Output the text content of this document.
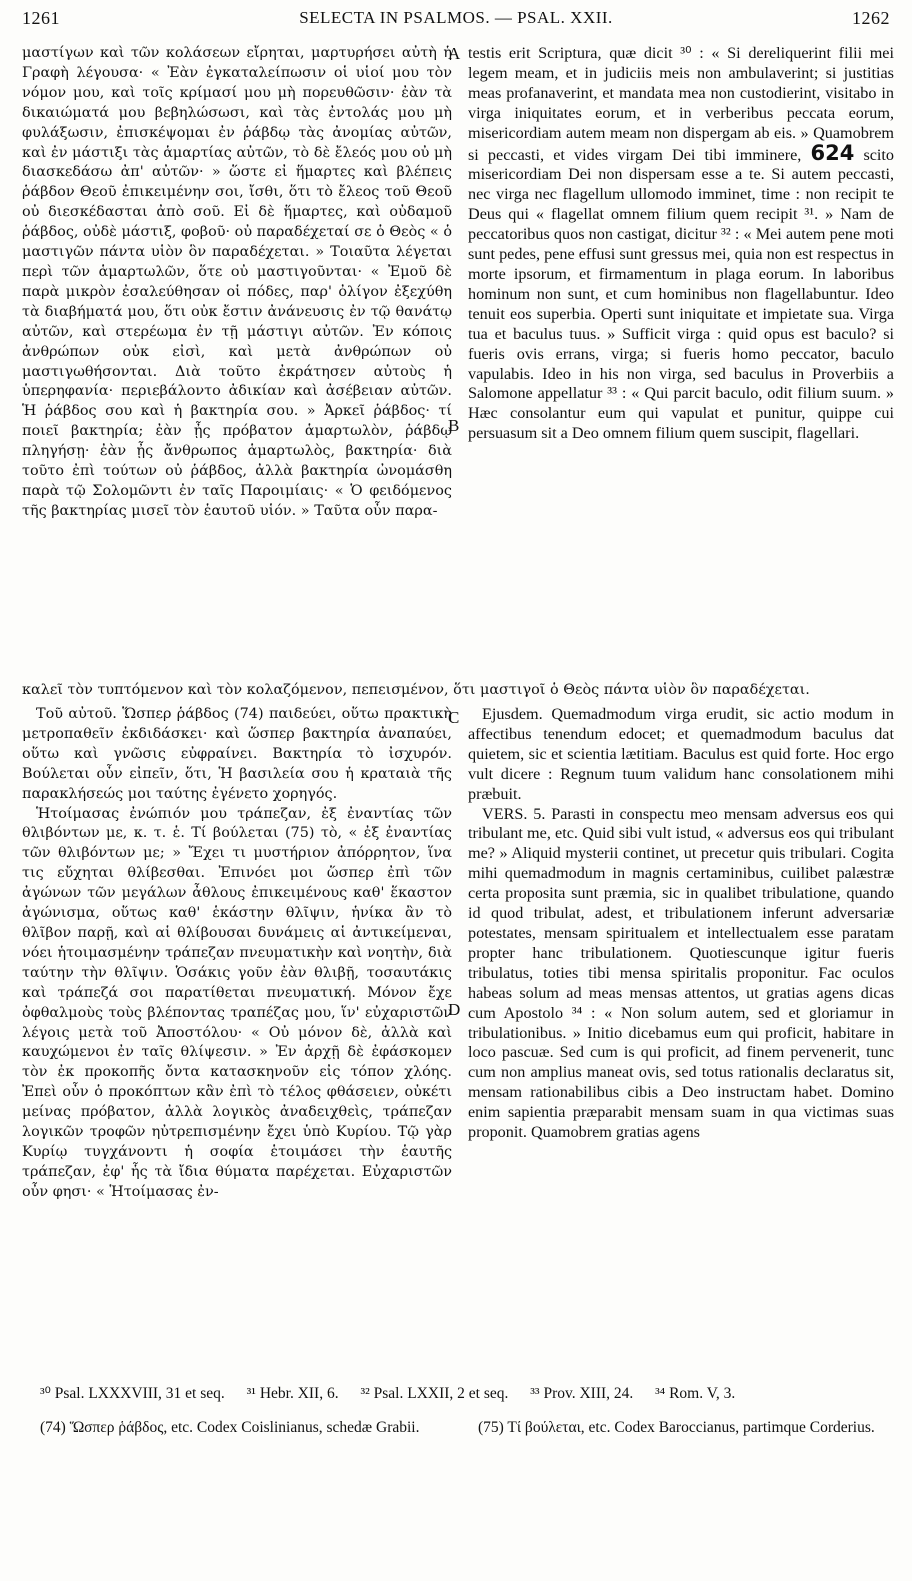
1261	SELECTA IN PSALMOS. — PSAL. XXII.	1262

μαστίγων καὶ τῶν κολάσεων εἴρηται, μαρτυρήσει αὐτὴ ἡ Γραφὴ λέγουσα· « Ἐὰν ἐγκαταλείπωσιν οἱ υἱοί μου τὸν νόμον μου, καὶ τοῖς κρίμασί μου μὴ πορευθῶσιν· ἐὰν τὰ δικαιώματά μου βεβηλώσωσι, καὶ τὰς ἐντολάς μου μὴ φυλάξωσιν, ἐπισκέψομαι ἐν ῥάβδῳ τὰς ἀνομίας αὐτῶν, καὶ ἐν μάστιξι τὰς ἁμαρτίας αὐτῶν, τὸ δὲ ἔλεός μου οὐ μὴ διασκεδάσω ἀπ' αὐτῶν· » ὥστε εἰ ἥμαρτες καὶ βλέπεις ῥάβδον Θεοῦ ἐπικειμένην σοι, ἴσθι, ὅτι τὸ ἔλεος τοῦ Θεοῦ οὐ διεσκέδασται ἀπὸ σοῦ. Εἰ δὲ ἥμαρτες, καὶ οὐδαμοῦ ῥάβδος, οὐδὲ μάστιξ, φοβοῦ· οὐ παραδέχεταί σε ὁ Θεὸς « ὁ μαστιγῶν πάντα υἱὸν ὃν παραδέχεται. » Τοιαῦτα λέγεται περὶ τῶν ἁμαρτωλῶν, ὅτε οὐ μαστιγοῦνται· « Ἐμοῦ δὲ παρὰ μικρὸν ἐσαλεύθησαν οἱ πόδες, παρ' ὀλίγον ἐξεχύθη τὰ διαβήματά μου, ὅτι οὐκ ἔστιν ἀνάνευσις ἐν τῷ θανάτῳ αὐτῶν, καὶ στερέωμα ἐν τῇ μάστιγι αὐτῶν. Ἐν κόποις ἀνθρώπων οὐκ εἰσὶ, καὶ μετὰ ἀνθρώπων οὐ μαστιγωθήσονται. Διὰ τοῦτο ἐκράτησεν αὐτοὺς ἡ ὑπερηφανία· περιεβάλοντο ἀδικίαν καὶ ἀσέβειαν αὐτῶν. Ἡ ῥάβδος σου καὶ ἡ βακτηρία σου. » Ἀρκεῖ ῥάβδος· τί ποιεῖ βακτηρία; ἐὰν ᾖς πρόβατον ἁμαρτωλὸν, ῥάβδῳ πληγήσῃ· ἐὰν ᾖς ἄνθρωπος ἁμαρτωλὸς, βακτηρία· διὰ τοῦτο ἐπὶ τούτων οὐ ῥάβδος, ἀλλὰ βακτηρία ὠνομάσθη παρὰ τῷ Σολομῶντι ἐν ταῖς Παροιμίαις· « Ὁ φειδόμενος τῆς βακτηρίας μισεῖ τὸν ἑαυτοῦ υἱόν. » Ταῦτα οὖν παρα-

testis erit Scriptura, quæ dicit ³⁰ : « Si dereliquerint filii mei legem meam, et in judiciis meis non ambulaverint; si justitias meas profanaverint, et mandata mea non custodierint, visitabo in virga iniquitates eorum, et in verberibus peccata eorum, misericordiam autem meam non dispergam ab eis. » Quamobrem si peccasti, et vides virgam Dei tibi imminere, 624 scito misericordiam Dei non dispersam esse a te. Si autem peccasti, nec virga nec flagellum ullomodo imminet, time : non recipit te Deus qui « flagellat omnem filium quem recipit ³¹. » Nam de peccatoribus quos non castigat, dicitur ³² : « Mei autem pene moti sunt pedes, pene effusi sunt gressus mei, quia non est respectus in morte ipsorum, et firmamentum in plaga eorum. In laboribus hominum non sunt, et cum hominibus non flagellabuntur. Ideo tenuit eos superbia. Operti sunt iniquitate et impietate sua. Virga tua et baculus tuus. » Sufficit virga : quid opus est baculo? si fueris ovis errans, virga; si fueris homo peccator, baculo vapulabis. Ideo in his non virga, sed baculus in Proverbiis a Salomone appellatur ³³ : « Qui parcit baculo, odit filium suum. » Hæc consolantur eum qui vapulat et punitur, quippe cui persuasum sit a Deo omnem filium quem suscipit, flagellari.

A
B
καλεῖ τὸν τυπτόμενον καὶ τὸν κολαζόμενον, πεπεισμένον, ὅτι μαστιγοῖ ὁ Θεὸς πάντα υἱὸν ὃν παραδέχεται.

Τοῦ αὐτοῦ. Ὥσπερ ῥάβδος (74) παιδεύει, οὕτω πρακτικὴ μετροπαθεῖν ἐκδιδάσκει· καὶ ὥσπερ βακτηρία ἀναπαύει, οὕτω καὶ γνῶσις εὐφραίνει. Βακτηρία τὸ ἰσχυρόν. Βούλεται οὖν εἰπεῖν, ὅτι, Ἡ βασιλεία σου ἡ κραταιὰ τῆς παρακλήσεώς μοι ταύτης ἐγένετο χορηγός.

Ἡτοίμασας ἐνώπιόν μου τράπεζαν, ἐξ ἐναντίας τῶν θλιβόντων με, κ. τ. ἑ. Τί βούλεται (75) τὸ, « ἐξ ἐναντίας τῶν θλιβόντων με; » Ἔχει τι μυστήριον ἀπόρρητον, ἵνα τις εὔχηται θλίβεσθαι. Ἐπινόει μοι ὥσπερ ἐπὶ τῶν ἀγώνων τῶν μεγάλων ἆθλους ἐπικειμένους καθ' ἕκαστον ἀγώνισμα, οὕτως καθ' ἑκάστην θλῖψιν, ἡνίκα ἂν τὸ θλῖβον παρῇ, καὶ αἱ θλίβουσαι δυνάμεις αἱ ἀντικείμεναι, νόει ἡτοιμασμένην τράπεζαν πνευματικὴν καὶ νοητὴν, διὰ ταύτην τὴν θλῖψιν. Ὁσάκις γοῦν ἐὰν θλιβῇ, τοσαυτάκις καὶ τράπεζά σοι παρατίθεται πνευματική. Μόνον ἔχε ὀφθαλμοὺς τοὺς βλέποντας τραπέζας μου, ἵν' εὐχαριστῶν λέγοις μετὰ τοῦ Ἀποστόλου· « Οὐ μόνον δὲ, ἀλλὰ καὶ καυχώμενοι ἐν ταῖς θλίψεσιν. » Ἐν ἀρχῇ δὲ ἐφάσκομεν τὸν ἐκ προκοπῆς ὄντα κατασκηνοῦν εἰς τόπον χλόης. Ἐπεὶ οὖν ὁ προκόπτων κἂν ἐπὶ τὸ τέλος φθάσειεν, οὐκέτι μείνας πρόβατον, ἀλλὰ λογικὸς ἀναδειχθεὶς, τράπεζαν λογικῶν τροφῶν ηὐτρεπισμένην ἔχει ὑπὸ Κυρίου. Τῷ γὰρ Κυρίῳ τυγχάνοντι ἡ σοφία ἑτοιμάσει τὴν ἑαυτῆς τράπεζαν, ἐφ' ἧς τὰ ἴδια θύματα παρέχεται. Εὐχαριστῶν οὖν φησι· « Ἡτοίμασας ἐν-

Ejusdem. Quemadmodum virga erudit, sic actio modum in affectibus tenendum edocet; et quemadmodum baculus dat quietem, sic et scientia lætitiam. Baculus est quid forte. Hoc ergo vult dicere : Regnum tuum validum hanc consolationem mihi præbuit.

VERS. 5. Parasti in conspectu meo mensam adversus eos qui tribulant me, etc. Quid sibi vult istud, « adversus eos qui tribulant me? » Aliquid mysterii continet, ut precetur quis tribulari. Cogita mihi quemadmodum in magnis certaminibus, cuilibet palæstræ certa proposita sunt præmia, sic in qualibet tribulatione, quando id quod tribulat, adest, et tribulationem inferunt adversariæ potestates, mensam spiritualem et intellectualem esse paratam propter hanc tribulationem. Quotiescunque igitur fueris tribulatus, toties tibi mensa spiritalis proponitur. Fac oculos habeas solum ad meas mensas attentos, ut gratias agens dicas cum Apostolo ³⁴ : « Non solum autem, sed et gloriamur in tribulationibus. » Initio dicebamus eum qui proficit, habitare in loco pascuæ. Sed cum is qui proficit, ad finem pervenerit, tunc cum non amplius maneat ovis, sed totus rationalis declaratus sit, mensam rationabilibus cibis a Deo instructam habet. Domino enim sapientia præparabit mensam suam in qua victimas suas proponit. Quamobrem gratias agens

C
D
³⁰ Psal. LXXXVIII, 31 et seq. ³¹ Hebr. XII, 6. ³² Psal. LXXII, 2 et seq. ³³ Prov. XIII, 24. ³⁴ Rom. V, 3.
(74) Ὥσπερ ῥάβδος, etc. Codex Coislinianus, schedæ Grabii.	(75) Τί βούλεται, etc. Codex Baroccianus, partimque Corderius.
